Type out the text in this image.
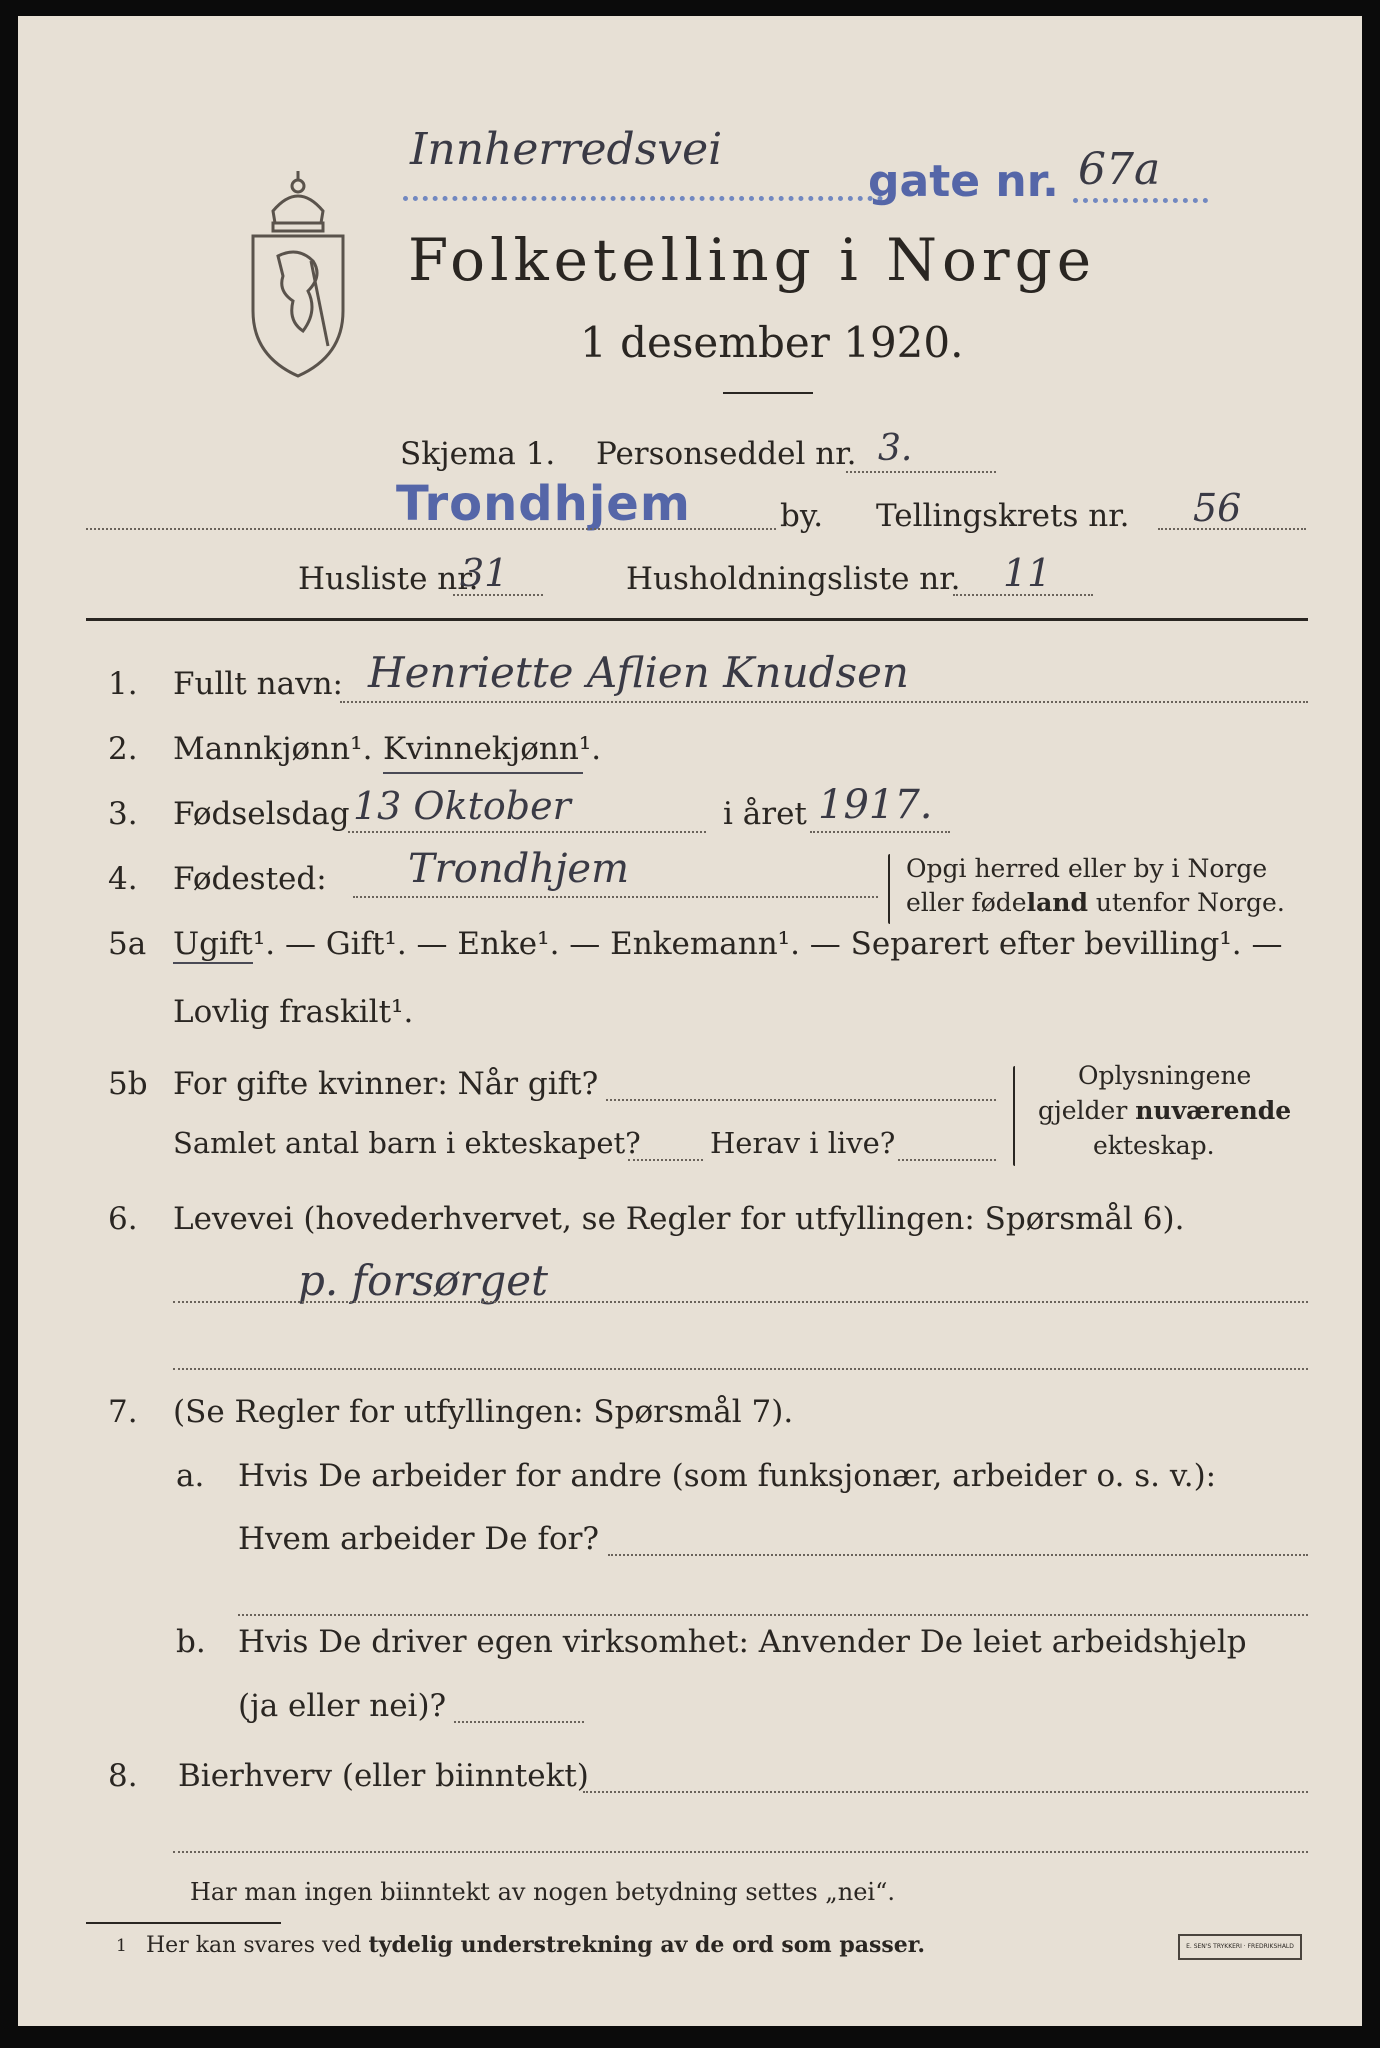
Innherredsvei
gate nr. 67a
Folketelling i Norge
1 desember 1920.
Skjema 1. Personseddel nr. 3.
Trondhjem	by. Tellingskrets nr. 56
Husliste nr.
31	Husholdningsliste nr. 11
1. Fullt navn: Henriette Aflien Knudsen
2. Mannkjønn¹. Kvinnekjønn¹.
3. Fødselsdag 13 Oktober	i året 1917.
4. Fødested: Trondhjem	Opgi herred eller by i Norge
eller fødeland utenfor Norge.
5a Ugift¹. — Gift¹. — Enke¹. — Enkemann¹. — Separert efter bevilling¹. —
Lovlig fraskilt¹.
5b For gifte kvinner: Når gift?
Samlet antal barn i ekteskapet? Herav i live?
Oplysningene
gjelder nuværende
ekteskap.
6. Levevei (hovederhvervet, se Regler for utfyllingen: Spørsmål 6).
p. forsørget
7. (Se Regler for utfyllingen: Spørsmål 7).
a. Hvis De arbeider for andre (som funksjonær, arbeider o. s. v.):
Hvem arbeider De for?
b. Hvis De driver egen virksomhet: Anvender De leiet arbeidshjelp
(ja eller nei)?
8. Bierhverv (eller biinntekt)
Har man ingen biinntekt av nogen betydning settes „nei“.
1 Her kan svares ved tydelig understrekning av de ord som passer.	E. SEN'S TRYKKERI · FREDRIKSHALD
